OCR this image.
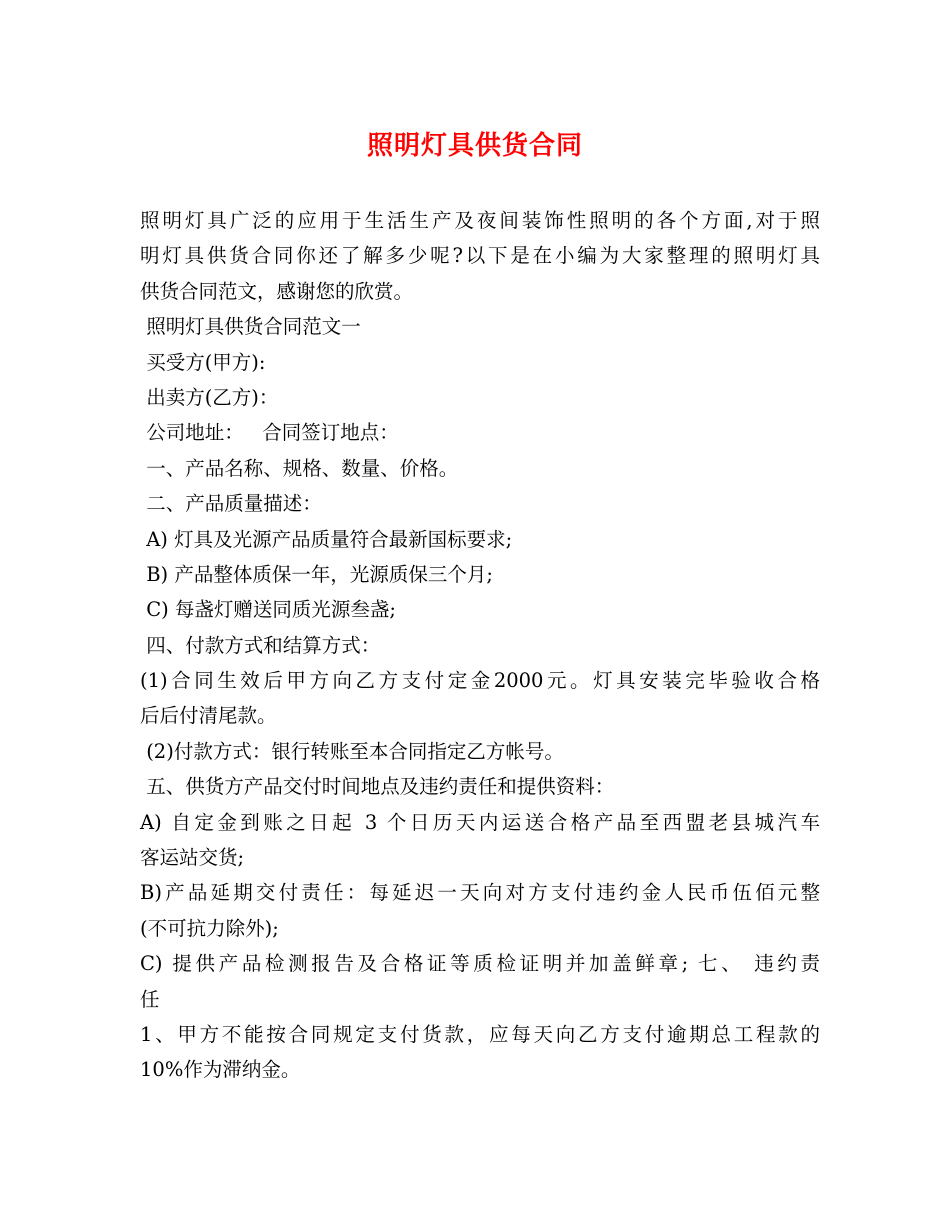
照明灯具供货合同
照明灯具广泛的应用于生活生产及夜间装饰性照明的各个方面,对于照
明灯具供货合同你还了解多少呢?以下是在小编为大家整理的照明灯具
供货合同范文，感谢您的欣赏。
照明灯具供货合同范文一
买受方(甲方):
出卖方(乙方)：
公司地址：   合同签订地点：
一、产品名称、规格、数量、价格。
二、产品质量描述：
A) 灯具及光源产品质量符合最新国标要求;
B) 产品整体质保一年，光源质保三个月;
C) 每盏灯赠送同质光源叁盏;
四、付款方式和结算方式：
(1)合同生效后甲方向乙方支付定金2000元。灯具安装完毕验收合格
后后付清尾款。
(2)付款方式：银行转账至本合同指定乙方帐号。
五、供货方产品交付时间地点及违约责任和提供资料：
A) 自定金到账之日起 3 个日历天内运送合格产品至西盟老县城汽车
客运站交货;
B)产品延期交付责任：每延迟一天向对方支付违约金人民币伍佰元整
(不可抗力除外);
C) 提供产品检测报告及合格证等质检证明并加盖鲜章; 七、 违约责
任
1、甲方不能按合同规定支付货款，应每天向乙方支付逾期总工程款的
10%作为滞纳金。
